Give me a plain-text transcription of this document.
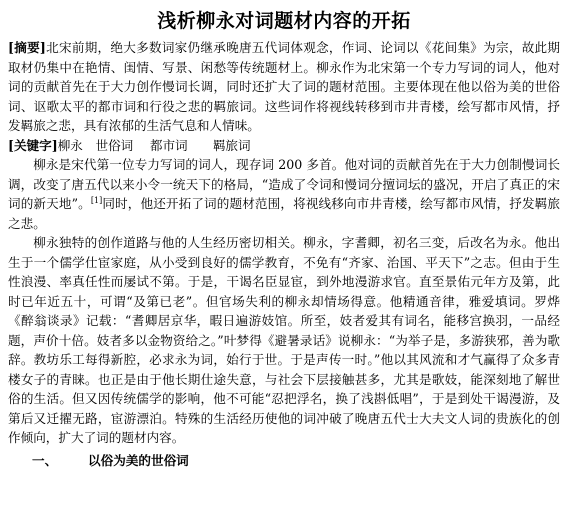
浅析柳永对词题材内容的开拓

[摘要]北宋前期，绝大多数词家仍继承晚唐五代词体观念，作词、论词以《花间集》为宗，故此期取材仍集中在艳情、闺情、写景、闲愁等传统题材上。柳永作为北宋第一个专力写词的词人，他对词的贡献首先在于大力创作慢词长调，同时还扩大了词的题材范围。主要体现在他以俗为美的世俗词、讴歌太平的都市词和行役之悲的羁旅词。这些词作将视线转移到市井青楼，绘写都市风情，抒发羁旅之悲，具有浓郁的生活气息和人情味。

[关键字]柳永　世俗词　 都市词　　羁旅词

柳永是宋代第一位专力写词的词人，现存词 200 多首。他对词的贡献首先在于大力创制慢词长调，改变了唐五代以来小令一统天下的格局，“造成了令词和慢词分擅词坛的盛况，开启了真正的宋词的新天地”。[1]同时，他还开拓了词的题材范围，将视线移向市井青楼，绘写都市风情，抒发羁旅之悲。

柳永独特的创作道路与他的人生经历密切相关。柳永，字耆卿，初名三变，后改名为永。他出生于一个儒学仕宦家庭，从小受到良好的儒学教育，不免有“齐家、治国、平天下”之志。但由于生性浪漫、率真任性而屡试不第。于是，干谒名臣显宦，到外地漫游求官。直至景佑元年方及第，此时已年近五十，可谓“及第已老”。但官场失利的柳永却情场得意。他精通音律，雅爱填词。罗烨《醉翁谈录》记载：“耆卿居京华，暇日遍游妓馆。所至，妓者爱其有词名，能移宫换羽，一品经题，声价十倍。妓者多以金物资给之。”叶梦得《避暑录话》说柳永：“为举子是，多游狭邪，善为歌辞。教坊乐工每得新腔，必求永为词，始行于世。于是声传一时。”他以其风流和才气赢得了众多青楼女子的青睐。也正是由于他长期仕途失意，与社会下层接触甚多，尤其是歌妓，能深刻地了解世俗的生活。但又因传统儒学的影响，他不可能“忍把浮名，换了浅斟低唱”，于是到处干谒漫游，及第后又迁擢无路，宦游漂泊。特殊的生活经历使他的词冲破了晚唐五代士大夫文人词的贵族化的创作倾向，扩大了词的题材内容。

一、 以俗为美的世俗词
